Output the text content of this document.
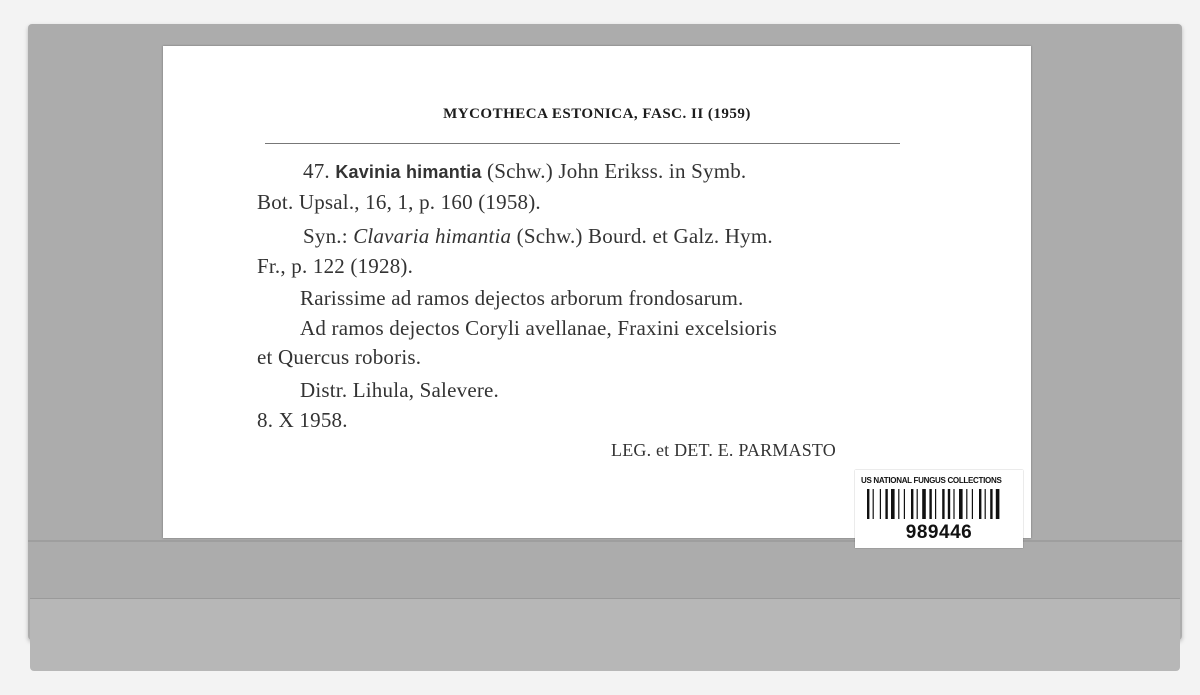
MYCOTHECA ESTONICA, FASC. II (1959)
47. Kavinia himantia (Schw.) John Erikss. in Symb.
Bot. Upsal., 16, 1, p. 160 (1958).
Syn.: Clavaria himantia (Schw.) Bourd. et Galz. Hym.
Fr., p. 122 (1928).
Rarissime ad ramos dejectos arborum frondosarum.
Ad ramos dejectos Coryli avellanae, Fraxini excelsioris
et Quercus roboris.
Distr. Lihula, Salevere.
8. X 1958.
LEG. et DET. E. PARMASTO
US NATIONAL FUNGUS COLLECTIONS
989446
